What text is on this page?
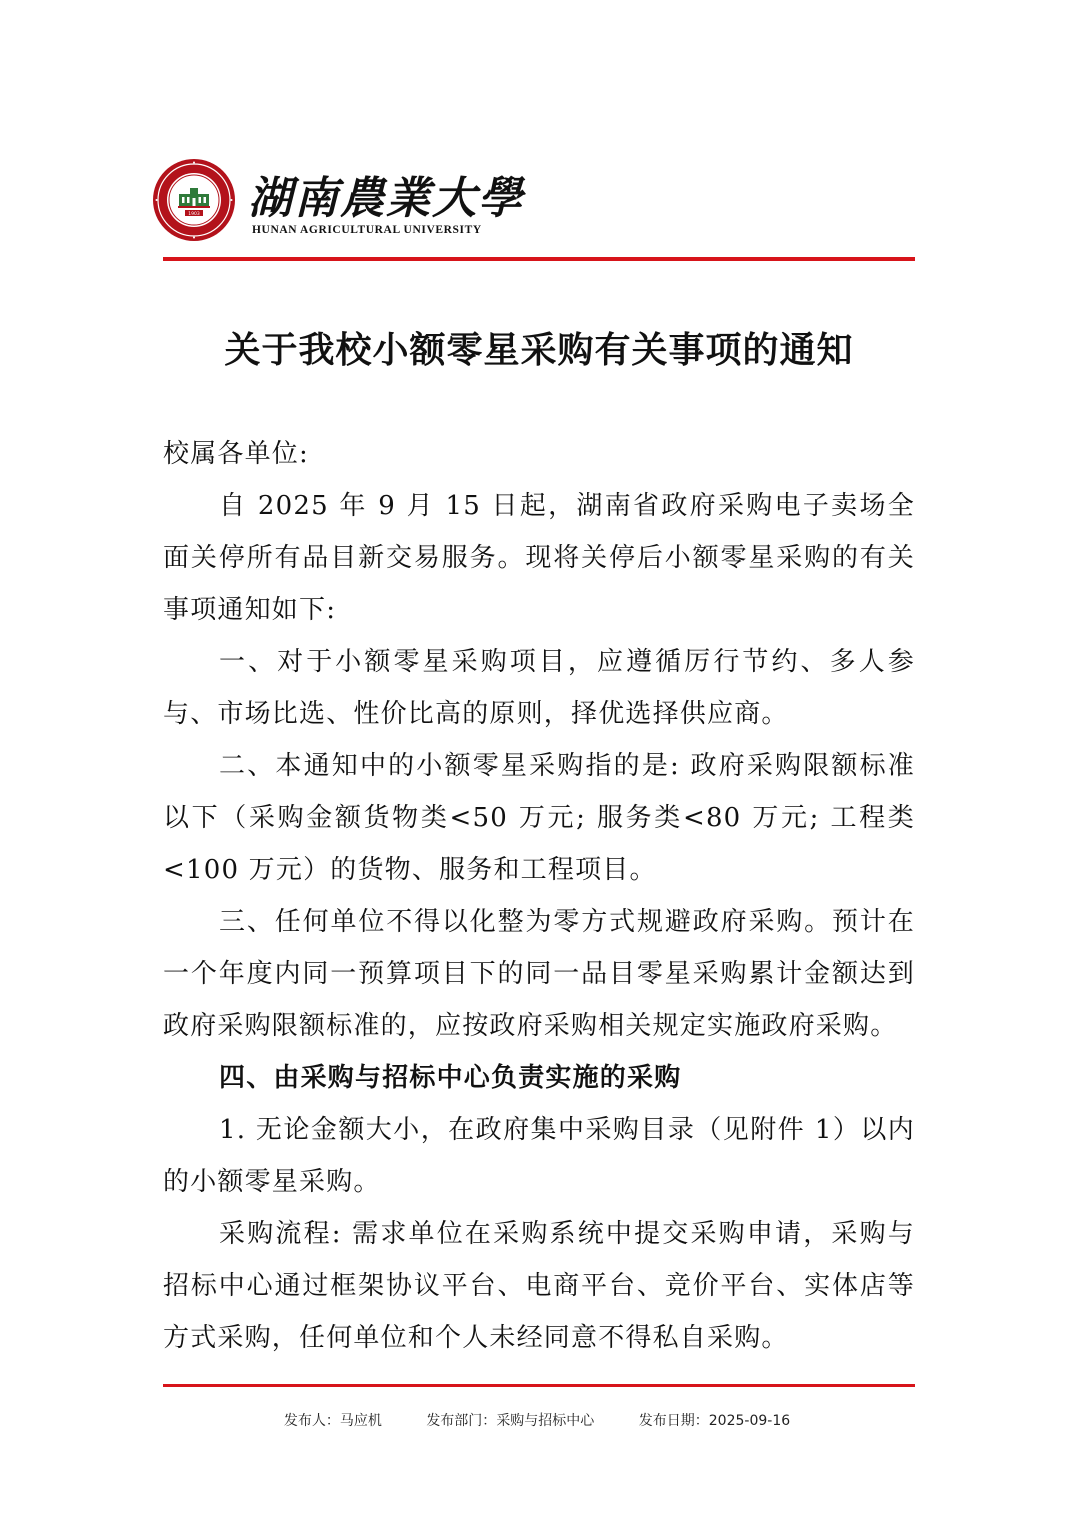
1903 湖南農業大學
HUNAN AGRICULTURAL UNIVERSITY
关于我校小额零星采购有关事项的通知

校属各单位:

自 2025 年 9 月 15 日起，湖南省政府采购电子卖场全面关停所有品目新交易服务。现将关停后小额零星采购的有关事项通知如下:

一、对于小额零星采购项目，应遵循厉行节约、多人参与、市场比选、性价比高的原则，择优选择供应商。

二、本通知中的小额零星采购指的是: 政府采购限额标准以下（采购金额货物类<50 万元; 服务类<80 万元; 工程类<100 万元）的货物、服务和工程项目。

三、任何单位不得以化整为零方式规避政府采购。预计在一个年度内同一预算项目下的同一品目零星采购累计金额达到政府采购限额标准的，应按政府采购相关规定实施政府采购。

四、由采购与招标中心负责实施的采购

1. 无论金额大小，在政府集中采购目录（见附件 1）以内的小额零星采购。

采购流程: 需求单位在采购系统中提交采购申请，采购与招标中心通过框架协议平台、电商平台、竞价平台、实体店等方式采购，任何单位和个人未经同意不得私自采购。

发布人：马应机	发布部门：采购与招标中心	发布日期：2025-09-16
